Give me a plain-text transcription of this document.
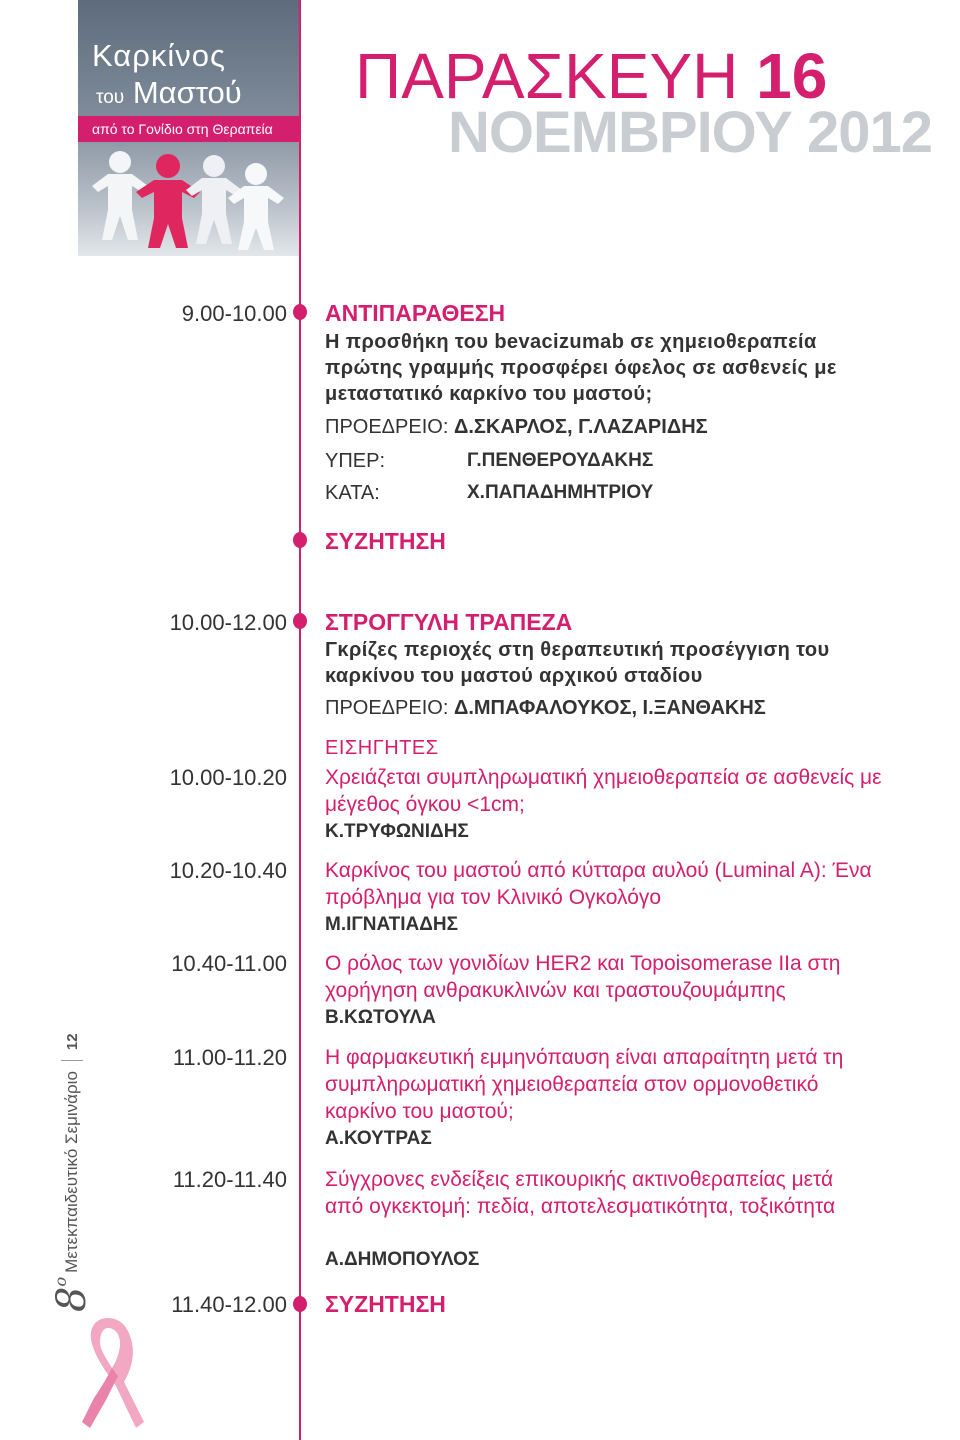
Καρκίνος
του Μαστού
από το Γονίδιο στη Θεραπεία
ΠΑΡΑΣΚΕΥΗ 16
ΝΟΕΜΒΡΙΟΥ 2012
9.00-10.00 ΑΝΤΙΠΑΡΑΘΕΣΗ
Η προσθήκη του bevacizumab σε χημειοθεραπεία πρώτης γραμμής προσφέρει όφελος σε ασθενείς με μεταστατικό καρκίνο του μαστού;
ΠΡΟΕΔΡΕΙΟ: Δ.ΣΚΑΡΛΟΣ, Γ.ΛΑΖΑΡΙΔΗΣ
ΥΠΕΡ:	Γ.ΠΕΝΘΕΡΟΥΔΑΚΗΣ
ΚΑΤΑ:	Χ.ΠΑΠΑΔΗΜΗΤΡΙΟΥ
ΣΥΖΗΤΗΣΗ
10.00-12.00 ΣΤΡΟΓΓΥΛΗ ΤΡΑΠΕΖΑ
Γκρίζες περιοχές στη θεραπευτική προσέγγιση του καρκίνου του μαστού αρχικού σταδίου
ΠΡΟΕΔΡΕΙΟ: Δ.ΜΠΑΦΑΛΟΥΚΟΣ, Ι.ΞΑΝΘΑΚΗΣ
ΕΙΣΗΓΗΤΕΣ
10.00-10.20 Χρειάζεται συμπληρωματική χημειοθεραπεία σε ασθενείς με μέγεθος όγκου <1cm;
Κ.ΤΡΥΦΩΝΙΔΗΣ
10.20-10.40 Καρκίνος του μαστού από κύτταρα αυλού (Luminal A): Ένα πρόβλημα για τον Κλινικό Ογκολόγο
Μ.ΙΓΝΑΤΙΑΔΗΣ
10.40-11.00 Ο ρόλος των γονιδίων HER2 και Topoisomerase IIa στη χορήγηση ανθρακυκλινών και τραστουζουμάμπης
Β.ΚΩΤΟΥΛΑ
11.00-11.20 Η φαρμακευτική εμμηνόπαυση είναι απαραίτητη μετά τη συμπληρωματική χημειοθεραπεία στον ορμονοθετικό καρκίνο του μαστού;
Α.ΚΟΥΤΡΑΣ
11.20-11.40 Σύγχρονες ενδείξεις επικουρικής ακτινοθεραπείας μετά από ογκεκτομή: πεδία, αποτελεσματικότητα, τοξικότητα
Α.ΔΗΜΟΠΟΥΛΟΣ
11.40-12.00 ΣΥΖΗΤΗΣΗ
8
ο
Μετεκπαιδευτικό Σεμινάριο
12
